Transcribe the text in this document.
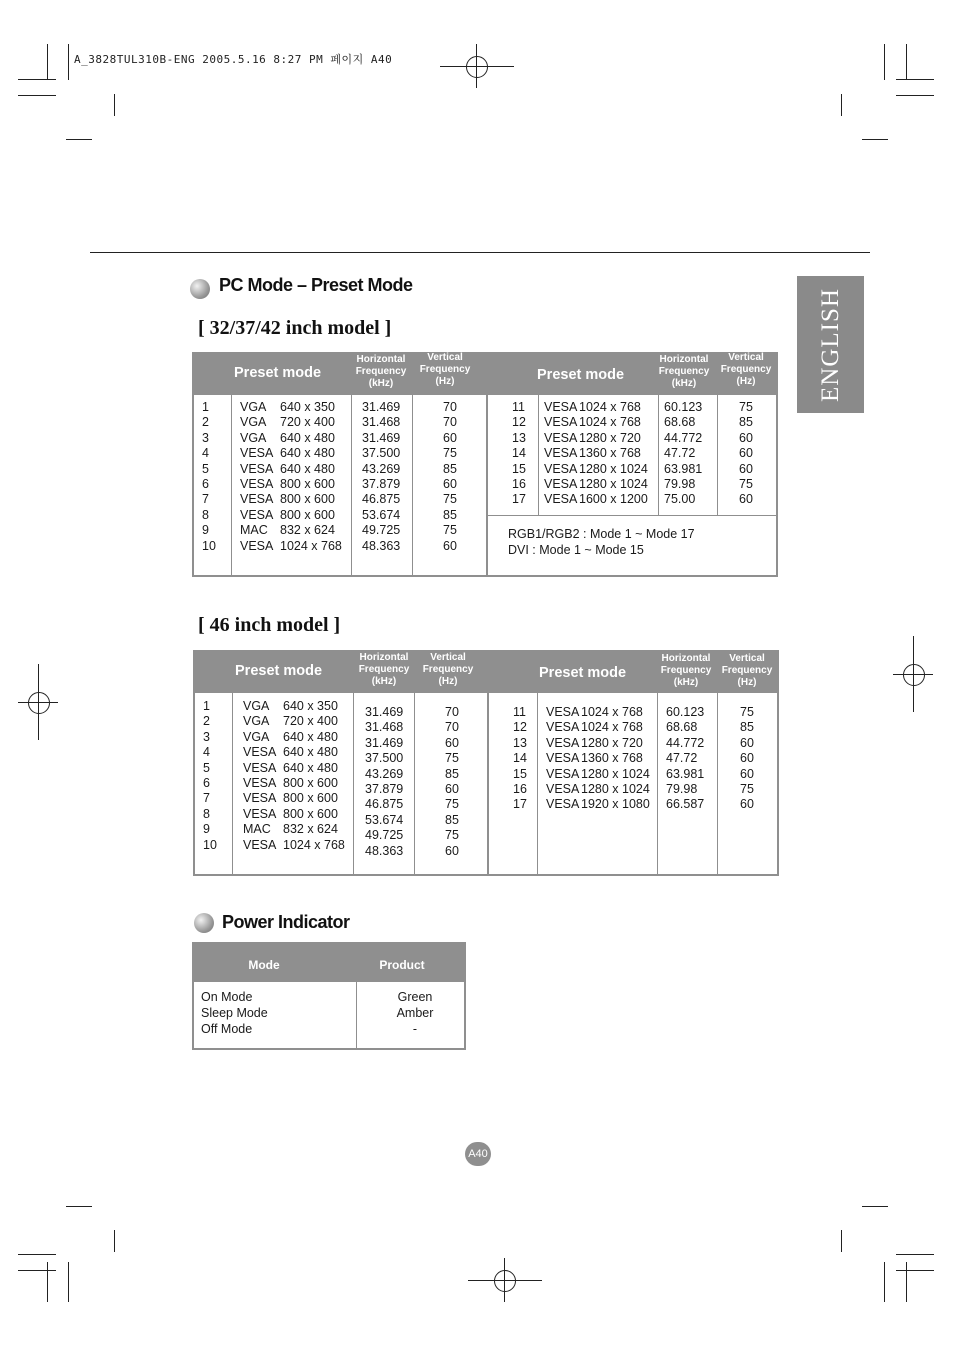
A_3828TUL310B-ENG 2005.5.16 8:27 PM 페이지 A40
ENGLISH
PC Mode – Preset Mode
[ 32/37/42 inch model ]
Preset mode
Horizontal
Frequency
(kHz)
Vertical
Frequency
(Hz)	Preset mode
Horizontal
Frequency
(kHz)
Vertical
Frequency
(Hz)
1
2
3
4
5
6
7
8
9
10
VGA
VGA
VGA
VESA
VESA
VESA
VESA
VESA
MAC
VESA
640 x 350
720 x 400
640 x 480
640 x 480
640 x 480
800 x 600
800 x 600
800 x 600
832 x 624
1024 x 768
31.469
31.468
31.469
37.500
43.269
37.879
46.875
53.674
49.725
48.363
70
70
60
75
85
60
75
85
75
60
11
12
13
14
15
16
17
VESA
VESA
VESA
VESA
VESA
VESA
VESA
1024 x 768
1024 x 768
1280 x 720
1360 x 768
1280 x 1024
1280 x 1024
1600 x 1200
60.123
68.68
44.772
47.72
63.981
79.98
75.00
75
85
60
60
60
75
60
RGB1/RGB2 : Mode 1 ~ Mode 17
DVI : Mode 1 ~ Mode 15
[ 46 inch model ]
Preset mode
Horizontal
Frequency
(kHz)
Vertical
Frequency
(Hz)
Preset mode
Horizontal
Frequency
(kHz)
Vertical
Frequency
(Hz)
1
2
3
4
5
6
7
8
9
10
VGA
VGA
VGA
VESA
VESA
VESA
VESA
VESA
MAC
VESA
640 x 350
720 x 400
640 x 480
640 x 480
640 x 480
800 x 600
800 x 600
800 x 600
832 x 624
1024 x 768
31.469
31.468
31.469
37.500
43.269
37.879
46.875
53.674
49.725
48.363
70
70
60
75
85
60
75
85
75
60
11
12
13
14
15
16
17
VESA
VESA
VESA
VESA
VESA
VESA
VESA
1024 x 768
1024 x 768
1280 x 720
1360 x 768
1280 x 1024
1280 x 1024
1920 x 1080
60.123
68.68
44.772
47.72
63.981
79.98
66.587
75
85
60
60
60
75
60
Power Indicator
Mode	Product
On Mode
Sleep Mode
Off Mode
Green
Amber
-
A40
